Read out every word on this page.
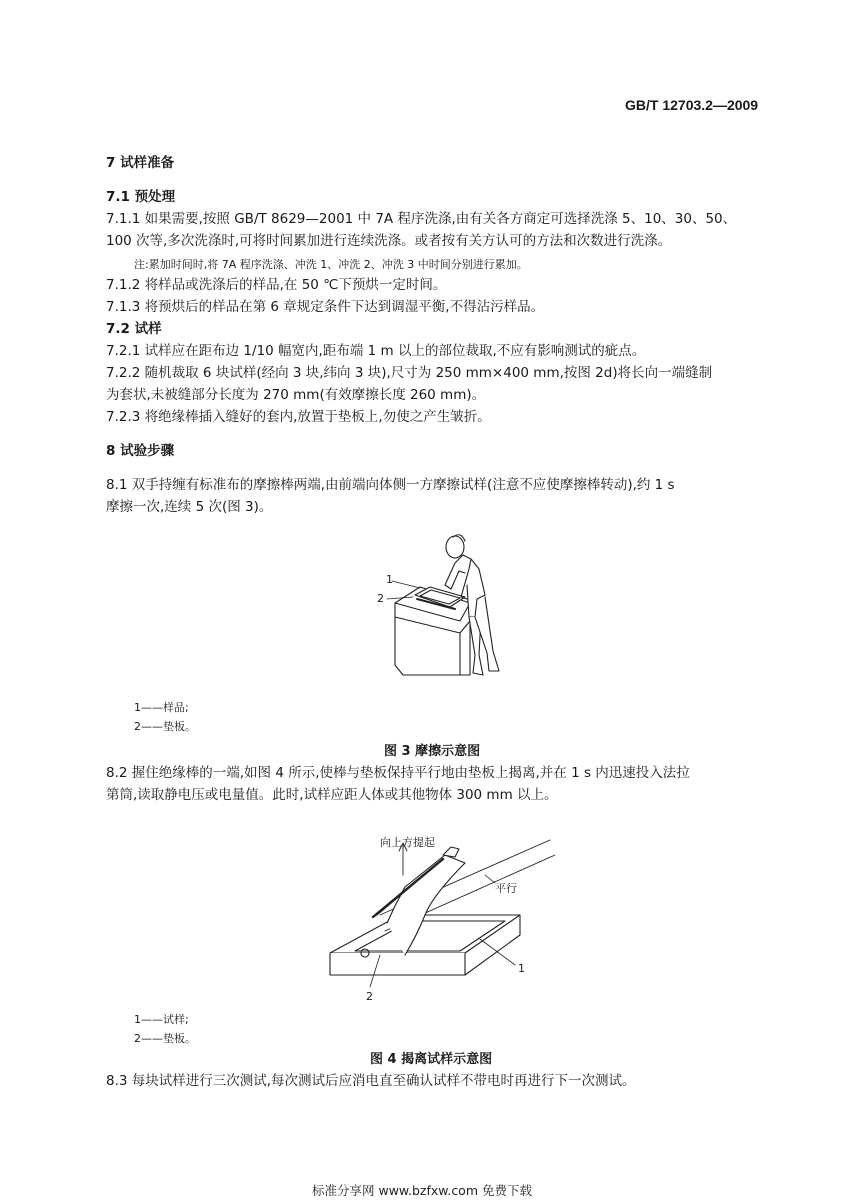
GB/T 12703.2—2009
7 试样准备
7.1 预处理
7.1.1 如果需要,按照 GB/T 8629—2001 中 7A 程序洗涤,由有关各方商定可选择洗涤 5、10、30、50、
100 次等,多次洗涤时,可将时间累加进行连续洗涤。或者按有关方认可的方法和次数进行洗涤。
注:累加时间时,将 7A 程序洗涤、冲洗 1、冲洗 2、冲洗 3 中时间分别进行累加。
7.1.2 将样品或洗涤后的样品,在 50 ℃下预烘一定时间。
7.1.3 将预烘后的样品在第 6 章规定条件下达到调湿平衡,不得沾污样品。
7.2 试样
7.2.1 试样应在距布边 1/10 幅宽内,距布端 1 m 以上的部位裁取,不应有影响测试的疵点。
7.2.2 随机裁取 6 块试样(经向 3 块,纬向 3 块),尺寸为 250 mm×400 mm,按图 2d)将长向一端缝制
为套状,未被缝部分长度为 270 mm(有效摩擦长度 260 mm)。
7.2.3 将绝缘棒插入缝好的套内,放置于垫板上,勿使之产生皱折。
8 试验步骤
8.1 双手持缠有标准布的摩擦棒两端,由前端向体侧一方摩擦试样(注意不应使摩擦棒转动),约 1 s
摩擦一次,连续 5 次(图 3)。
1
2
1——样品;
2——垫板。
图 3 摩擦示意图
8.2 握住绝缘棒的一端,如图 4 所示,使棒与垫板保持平行地由垫板上揭离,并在 1 s 内迅速投入法拉
第筒,读取静电压或电量值。此时,试样应距人体或其他物体 300 mm 以上。
向上方提起
平行
1
2
1——试样;
2——垫板。
图 4 揭离试样示意图
8.3 每块试样进行三次测试,每次测试后应消电直至确认试样不带电时再进行下一次测试。
标准分享网 www.bzfxw.com 免费下载
